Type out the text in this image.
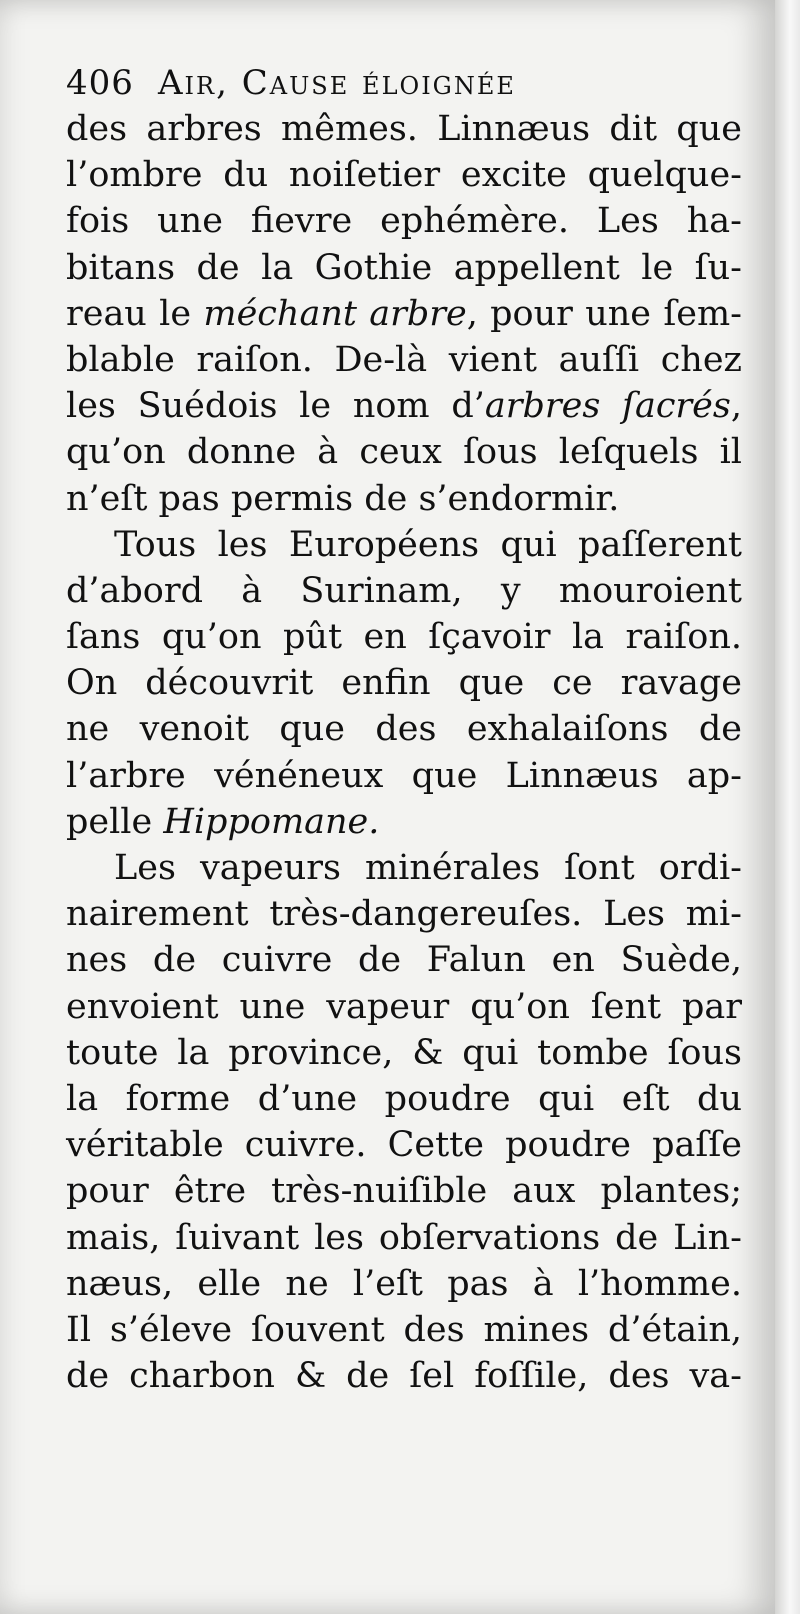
406 Air, Cause éloignée
des arbres mêmes. Linnæus dit que
l’ombre du noiſetier excite quelque-
fois une fievre ephémère. Les ha-
bitans de la Gothie appellent le ſu-
reau le méchant arbre, pour une ſem-
blable raiſon. De-là vient auſſi chez
les Suédois le nom d’arbres ſacrés,
qu’on donne à ceux ſous leſquels il
n’eſt pas permis de s’endormir.
Tous les Européens qui paſſerent
d’abord à Surinam, y mouroient
ſans qu’on pût en ſçavoir la raiſon.
On découvrit enfin que ce ravage
ne venoit que des exhalaiſons de
l’arbre vénéneux que Linnæus ap-
pelle Hippomane.
Les vapeurs minérales ſont ordi-
nairement très-dangereuſes. Les mi-
nes de cuivre de Falun en Suède,
envoient une vapeur qu’on ſent par
toute la province, & qui tombe ſous
la forme d’une poudre qui eſt du
véritable cuivre. Cette poudre paſſe
pour être très-nuiſible aux plantes;
mais, ſuivant les obſervations de Lin-
næus, elle ne l’eſt pas à l’homme.
Il s’éleve ſouvent des mines d’étain,
de charbon & de ſel foſſile, des va-
